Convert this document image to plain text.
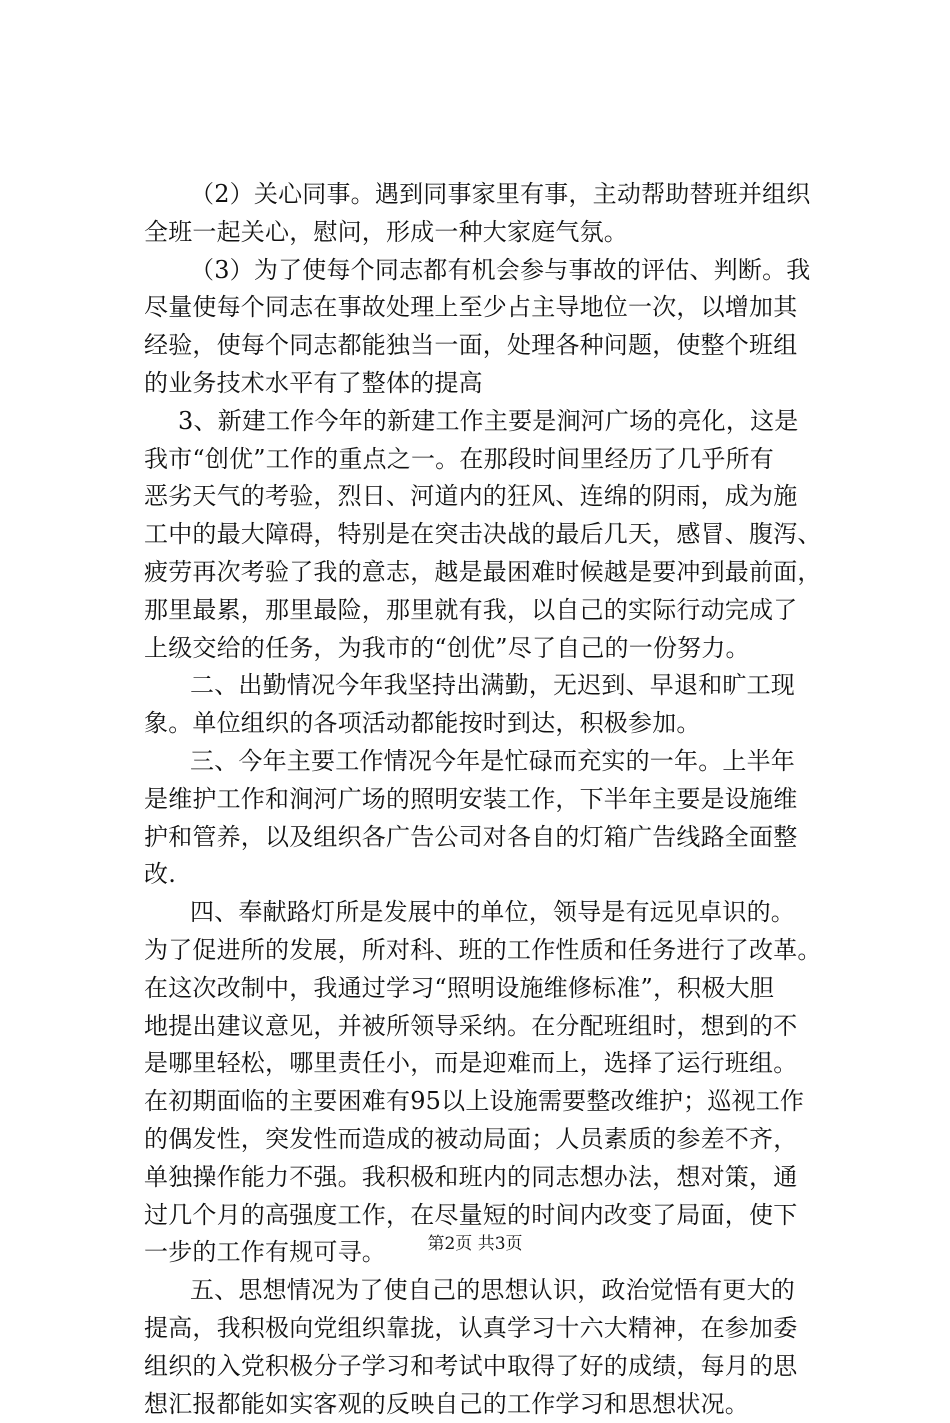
（2）关心同事。遇到同事家里有事，主动帮助替班并组织
全班一起关心，慰问，形成一种大家庭气氛。
（3）为了使每个同志都有机会参与事故的评估、判断。我
尽量使每个同志在事故处理上至少占主导地位一次，以增加其
经验，使每个同志都能独当一面，处理各种问题，使整个班组
的业务技术水平有了整体的提高
3、新建工作今年的新建工作主要是涧河广场的亮化，这是
我市“创优”工作的重点之一。在那段时间里经历了几乎所有
恶劣天气的考验，烈日、河道内的狂风、连绵的阴雨，成为施
工中的最大障碍，特别是在突击决战的最后几天，感冒、腹泻、
疲劳再次考验了我的意志，越是最困难时候越是要冲到最前面，
那里最累，那里最险，那里就有我，以自己的实际行动完成了
上级交给的任务，为我市的“创优”尽了自己的一份努力。
二、出勤情况今年我坚持出满勤，无迟到、早退和旷工现
象。单位组织的各项活动都能按时到达，积极参加。
三、今年主要工作情况今年是忙碌而充实的一年。上半年
是维护工作和涧河广场的照明安装工作，下半年主要是设施维
护和管养，以及组织各广告公司对各自的灯箱广告线路全面整
改.
四、奉献路灯所是发展中的单位，领导是有远见卓识的。
为了促进所的发展，所对科、班的工作性质和任务进行了改革。
在这次改制中，我通过学习“照明设施维修标准”，积极大胆
地提出建议意见，并被所领导采纳。在分配班组时，想到的不
是哪里轻松，哪里责任小，而是迎难而上，选择了运行班组。
在初期面临的主要困难有95以上设施需要整改维护；巡视工作
的偶发性，突发性而造成的被动局面；人员素质的参差不齐，
单独操作能力不强。我积极和班内的同志想办法，想对策，通
过几个月的高强度工作，在尽量短的时间内改变了局面，使下
一步的工作有规可寻。
五、思想情况为了使自己的思想认识，政治觉悟有更大的
提高，我积极向党组织靠拢，认真学习十六大精神，在参加委
组织的入党积极分子学习和考试中取得了好的成绩，每月的思
想汇报都能如实客观的反映自己的工作学习和思想状况。
第2页 共3页
